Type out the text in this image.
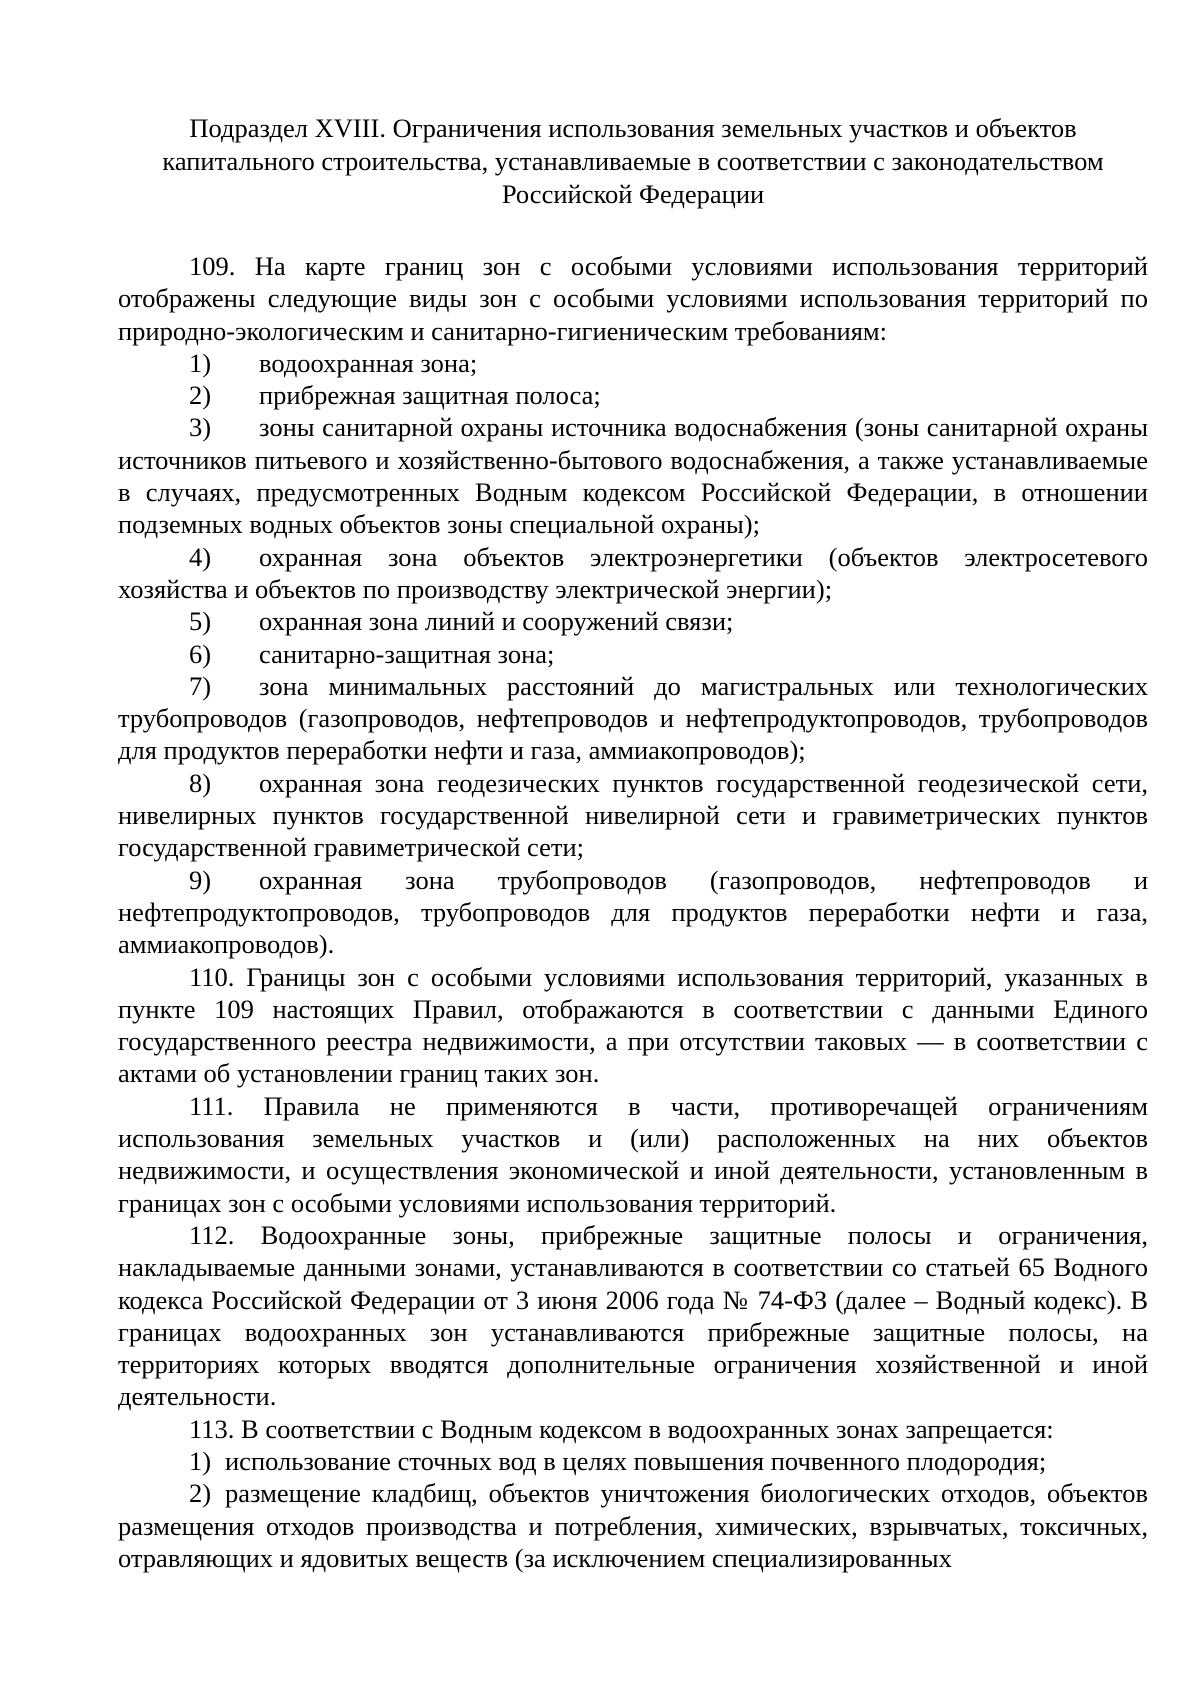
Подраздел XVIII. Ограничения использования земельных участков и объектов
капитального строительства, устанавливаемые в соответствии с законодательством
Российской Федерации

109. На карте границ зон с особыми условиями использования территорий отображены следующие виды зон с особыми условиями использования территорий по природно-экологическим и санитарно-гигиеническим требованиям:

1) водоохранная зона;

2) прибрежная защитная полоса;

3) зоны санитарной охраны источника водоснабжения (зоны санитарной охраны источников питьевого и хозяйственно-бытового водоснабжения, а также устанавливаемые в случаях, предусмотренных Водным кодексом Российской Федерации, в отношении подземных водных объектов зоны специальной охраны);

4) охранная зона объектов электроэнергетики (объектов электросетевого хозяйства и объектов по производству электрической энергии);

5) охранная зона линий и сооружений связи;

6) санитарно-защитная зона;

7) зона минимальных расстояний до магистральных или технологических трубопроводов (газопроводов, нефтепроводов и нефтепродуктопроводов, трубопроводов для продуктов переработки нефти и газа, аммиакопроводов);

8) охранная зона геодезических пунктов государственной геодезической сети, нивелирных пунктов государственной нивелирной сети и гравиметрических пунктов государственной гравиметрической сети;

9) охранная зона трубопроводов (газопроводов, нефтепроводов и нефтепродуктопроводов, трубопроводов для продуктов переработки нефти и газа, аммиакопроводов).

110. Границы зон с особыми условиями использования территорий, указанных в пункте 109 настоящих Правил, отображаются в соответствии с данными Единого государственного реестра недвижимости, а при отсутствии таковых — в соответствии с актами об установлении границ таких зон.

111. Правила не применяются в части, противоречащей ограничениям использования земельных участков и (или) расположенных на них объектов недвижимости, и осуществления экономической и иной деятельности, установленным в границах зон с особыми условиями использования территорий.

112. Водоохранные зоны, прибрежные защитные полосы и ограничения, накладываемые данными зонами, устанавливаются в соответствии со статьей 65 Водного кодекса Российской Федерации от 3 июня 2006 года № 74-ФЗ (далее – Водный кодекс). В границах водоохранных зон устанавливаются прибрежные защитные полосы, на территориях которых вводятся дополнительные ограничения хозяйственной и иной деятельности.

113. В соответствии с Водным кодексом в водоохранных зонах запрещается:

1) использование сточных вод в целях повышения почвенного плодородия;

2) размещение кладбищ, объектов уничтожения биологических отходов, объектов размещения отходов производства и потребления, химических, взрывчатых, токсичных, отравляющих и ядовитых веществ (за исключением специализированных
